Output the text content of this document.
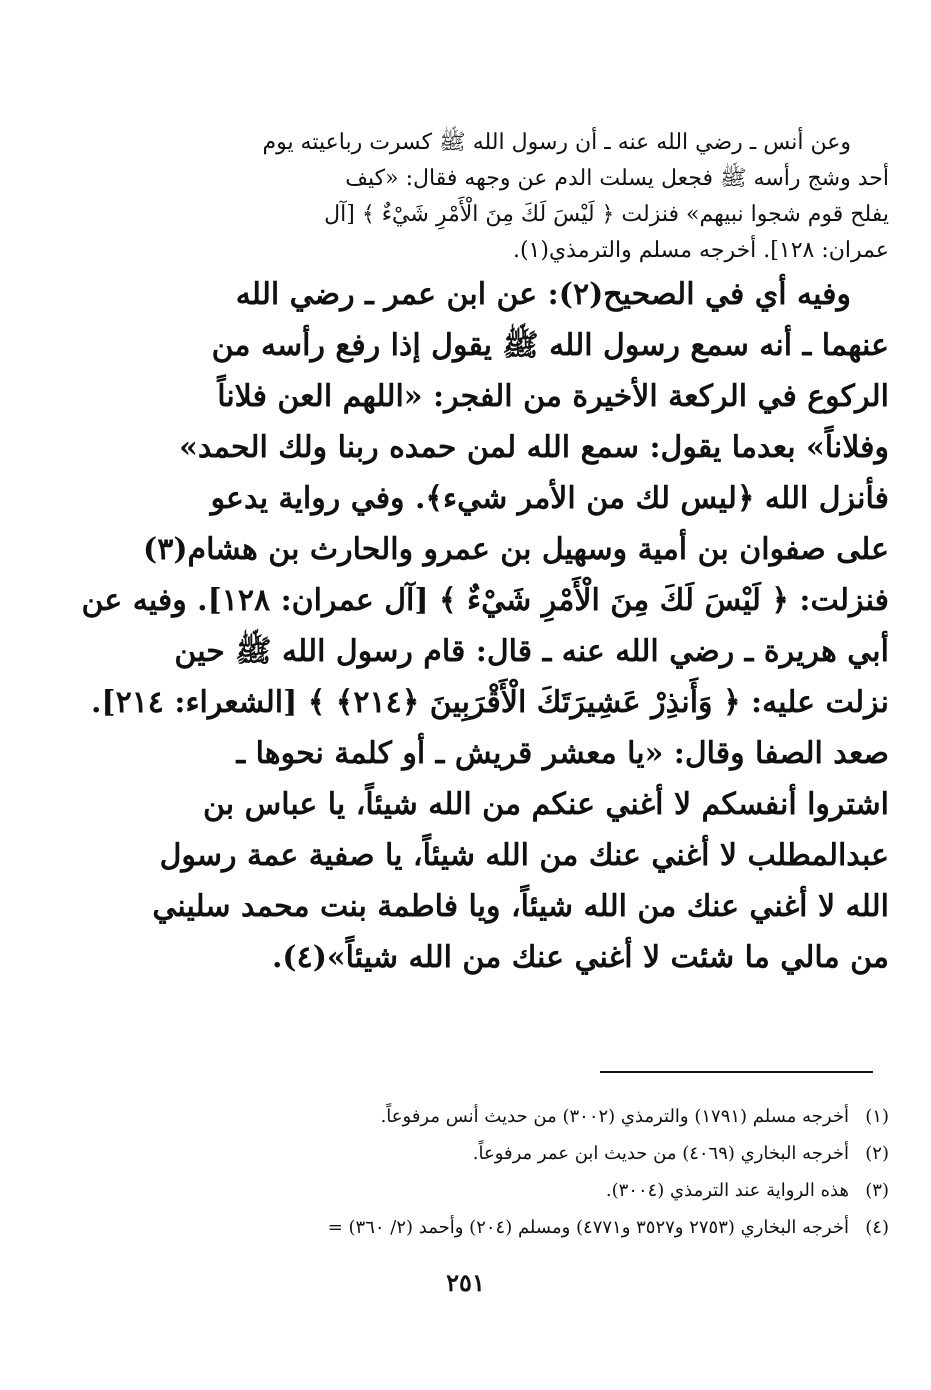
وعن أنس ـ رضي الله عنه ـ أن رسول الله ﷺ كسرت رباعيته يوم
أحد وشج رأسه ﷺ فجعل يسلت الدم عن وجهه فقال: «كيف
يفلح قوم شجوا نبيهم» فنزلت ﴿ لَيْسَ لَكَ مِنَ الْأَمْرِ شَيْءٌ ﴾ [آل
عمران: ١٢٨]. أخرجه مسلم والترمذي(١).

وفيه أي في الصحيح(٢): عن ابن عمر ـ رضي الله
عنهما ـ أنه سمع رسول الله ﷺ يقول إذا رفع رأسه من
الركوع في الركعة الأخيرة من الفجر: «اللهم العن فلاناً
وفلاناً» بعدما يقول: سمع الله لمن حمده ربنا ولك الحمد»
فأنزل الله ﴿ليس لك من الأمر شيء﴾. وفي رواية يدعو
على صفوان بن أمية وسهيل بن عمرو والحارث بن هشام(٣)
فنزلت: ﴿ لَيْسَ لَكَ مِنَ الْأَمْرِ شَيْءٌ ﴾ [آل عمران: ١٢٨]. وفيه عن
أبي هريرة ـ رضي الله عنه ـ قال: قام رسول الله ﷺ حين
نزلت عليه: ﴿ وَأَنذِرْ عَشِيرَتَكَ الْأَقْرَبِينَ ﴿٢١٤﴾ ﴾ [الشعراء: ٢١٤].
صعد الصفا وقال: «يا معشر قريش ـ أو كلمة نحوها ـ
اشتروا أنفسكم لا أغني عنكم من الله شيئاً، يا عباس بن
عبدالمطلب لا أغني عنك من الله شيئاً، يا صفية عمة رسول
الله لا أغني عنك من الله شيئاً، ويا فاطمة بنت محمد سليني
من مالي ما شئت لا أغني عنك من الله شيئاً»(٤).

(١)أخرجه مسلم (١٧٩١) والترمذي (٣٠٠٢) من حديث أنس مرفوعاً.
(٢)أخرجه البخاري (٤٠٦٩) من حديث ابن عمر مرفوعاً.
(٣)هذه الرواية عند الترمذي (٣٠٠٤).
(٤)أخرجه البخاري (٢٧٥٣ و٣٥٢٧ و٤٧٧١) ومسلم (٢٠٤) وأحمد (٢/ ٣٦٠) =
٢٥١
